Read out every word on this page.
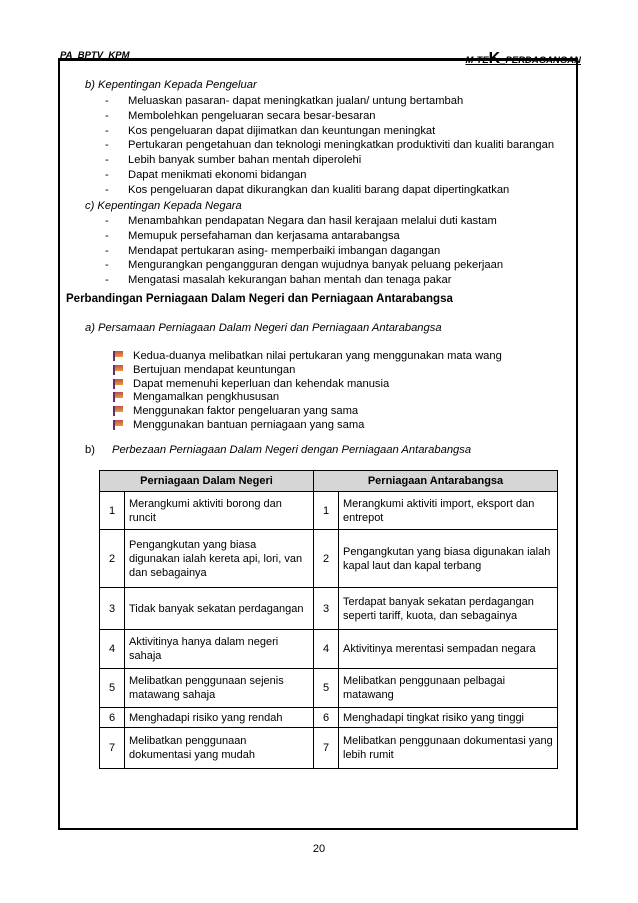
PA_BPTV_KPM	M-TEK_PERDAGANGAN
b) Kepentingan Kepada Pengeluar
- Meluaskan pasaran- dapat meningkatkan jualan/ untung bertambah
- Membolehkan pengeluaran secara besar-besaran
- Kos pengeluaran dapat dijimatkan dan keuntungan meningkat
- Pertukaran pengetahuan dan teknologi meningkatkan produktiviti dan kualiti barangan
- Lebih banyak sumber bahan mentah diperolehi
- Dapat menikmati ekonomi bidangan
- Kos pengeluaran dapat dikurangkan dan kualiti barang dapat dipertingkatkan
c) Kepentingan Kepada Negara
- Menambahkan pendapatan Negara dan hasil kerajaan melalui duti kastam
- Memupuk persefahaman dan kerjasama antarabangsa
- Mendapat pertukaran asing- memperbaiki imbangan dagangan
- Mengurangkan pengangguran dengan wujudnya banyak peluang pekerjaan
- Mengatasi masalah kekurangan bahan mentah dan tenaga pakar
Perbandingan Perniagaan Dalam Negeri dan Perniagaan Antarabangsa
a) Persamaan Perniagaan Dalam Negeri dan Perniagaan Antarabangsa
Kedua-duanya melibatkan nilai pertukaran yang menggunakan mata wang
Bertujuan mendapat keuntungan
Dapat memenuhi keperluan dan kehendak manusia
Mengamalkan pengkhususan
Menggunakan faktor pengeluaran yang sama
Menggunakan bantuan perniagaan yang sama
b) Perbezaan Perniagaan Dalam Negeri dengan Perniagaan Antarabangsa
Perniagaan Dalam Negeri		Perniagaan Antarabangsa	
1	Merangkumi aktiviti borong dan runcit	1	Merangkumi aktiviti import, eksport dan entrepot
2	Pengangkutan yang biasa digunakan ialah kereta api, lori, van dan sebagainya	2	Pengangkutan yang biasa digunakan ialah kapal laut dan kapal terbang
3	Tidak banyak sekatan perdagangan	3	Terdapat banyak sekatan perdagangan seperti tariff, kuota, dan sebagainya
4	Aktivitinya hanya dalam negeri sahaja	4	Aktivitinya merentasi sempadan negara
5	Melibatkan penggunaan sejenis matawang sahaja	5	Melibatkan penggunaan pelbagai matawang
6	Menghadapi risiko yang rendah	6	Menghadapi tingkat risiko yang tinggi
7	Melibatkan penggunaan dokumentasi yang mudah	7	Melibatkan penggunaan dokumentasi yang lebih rumit
20
